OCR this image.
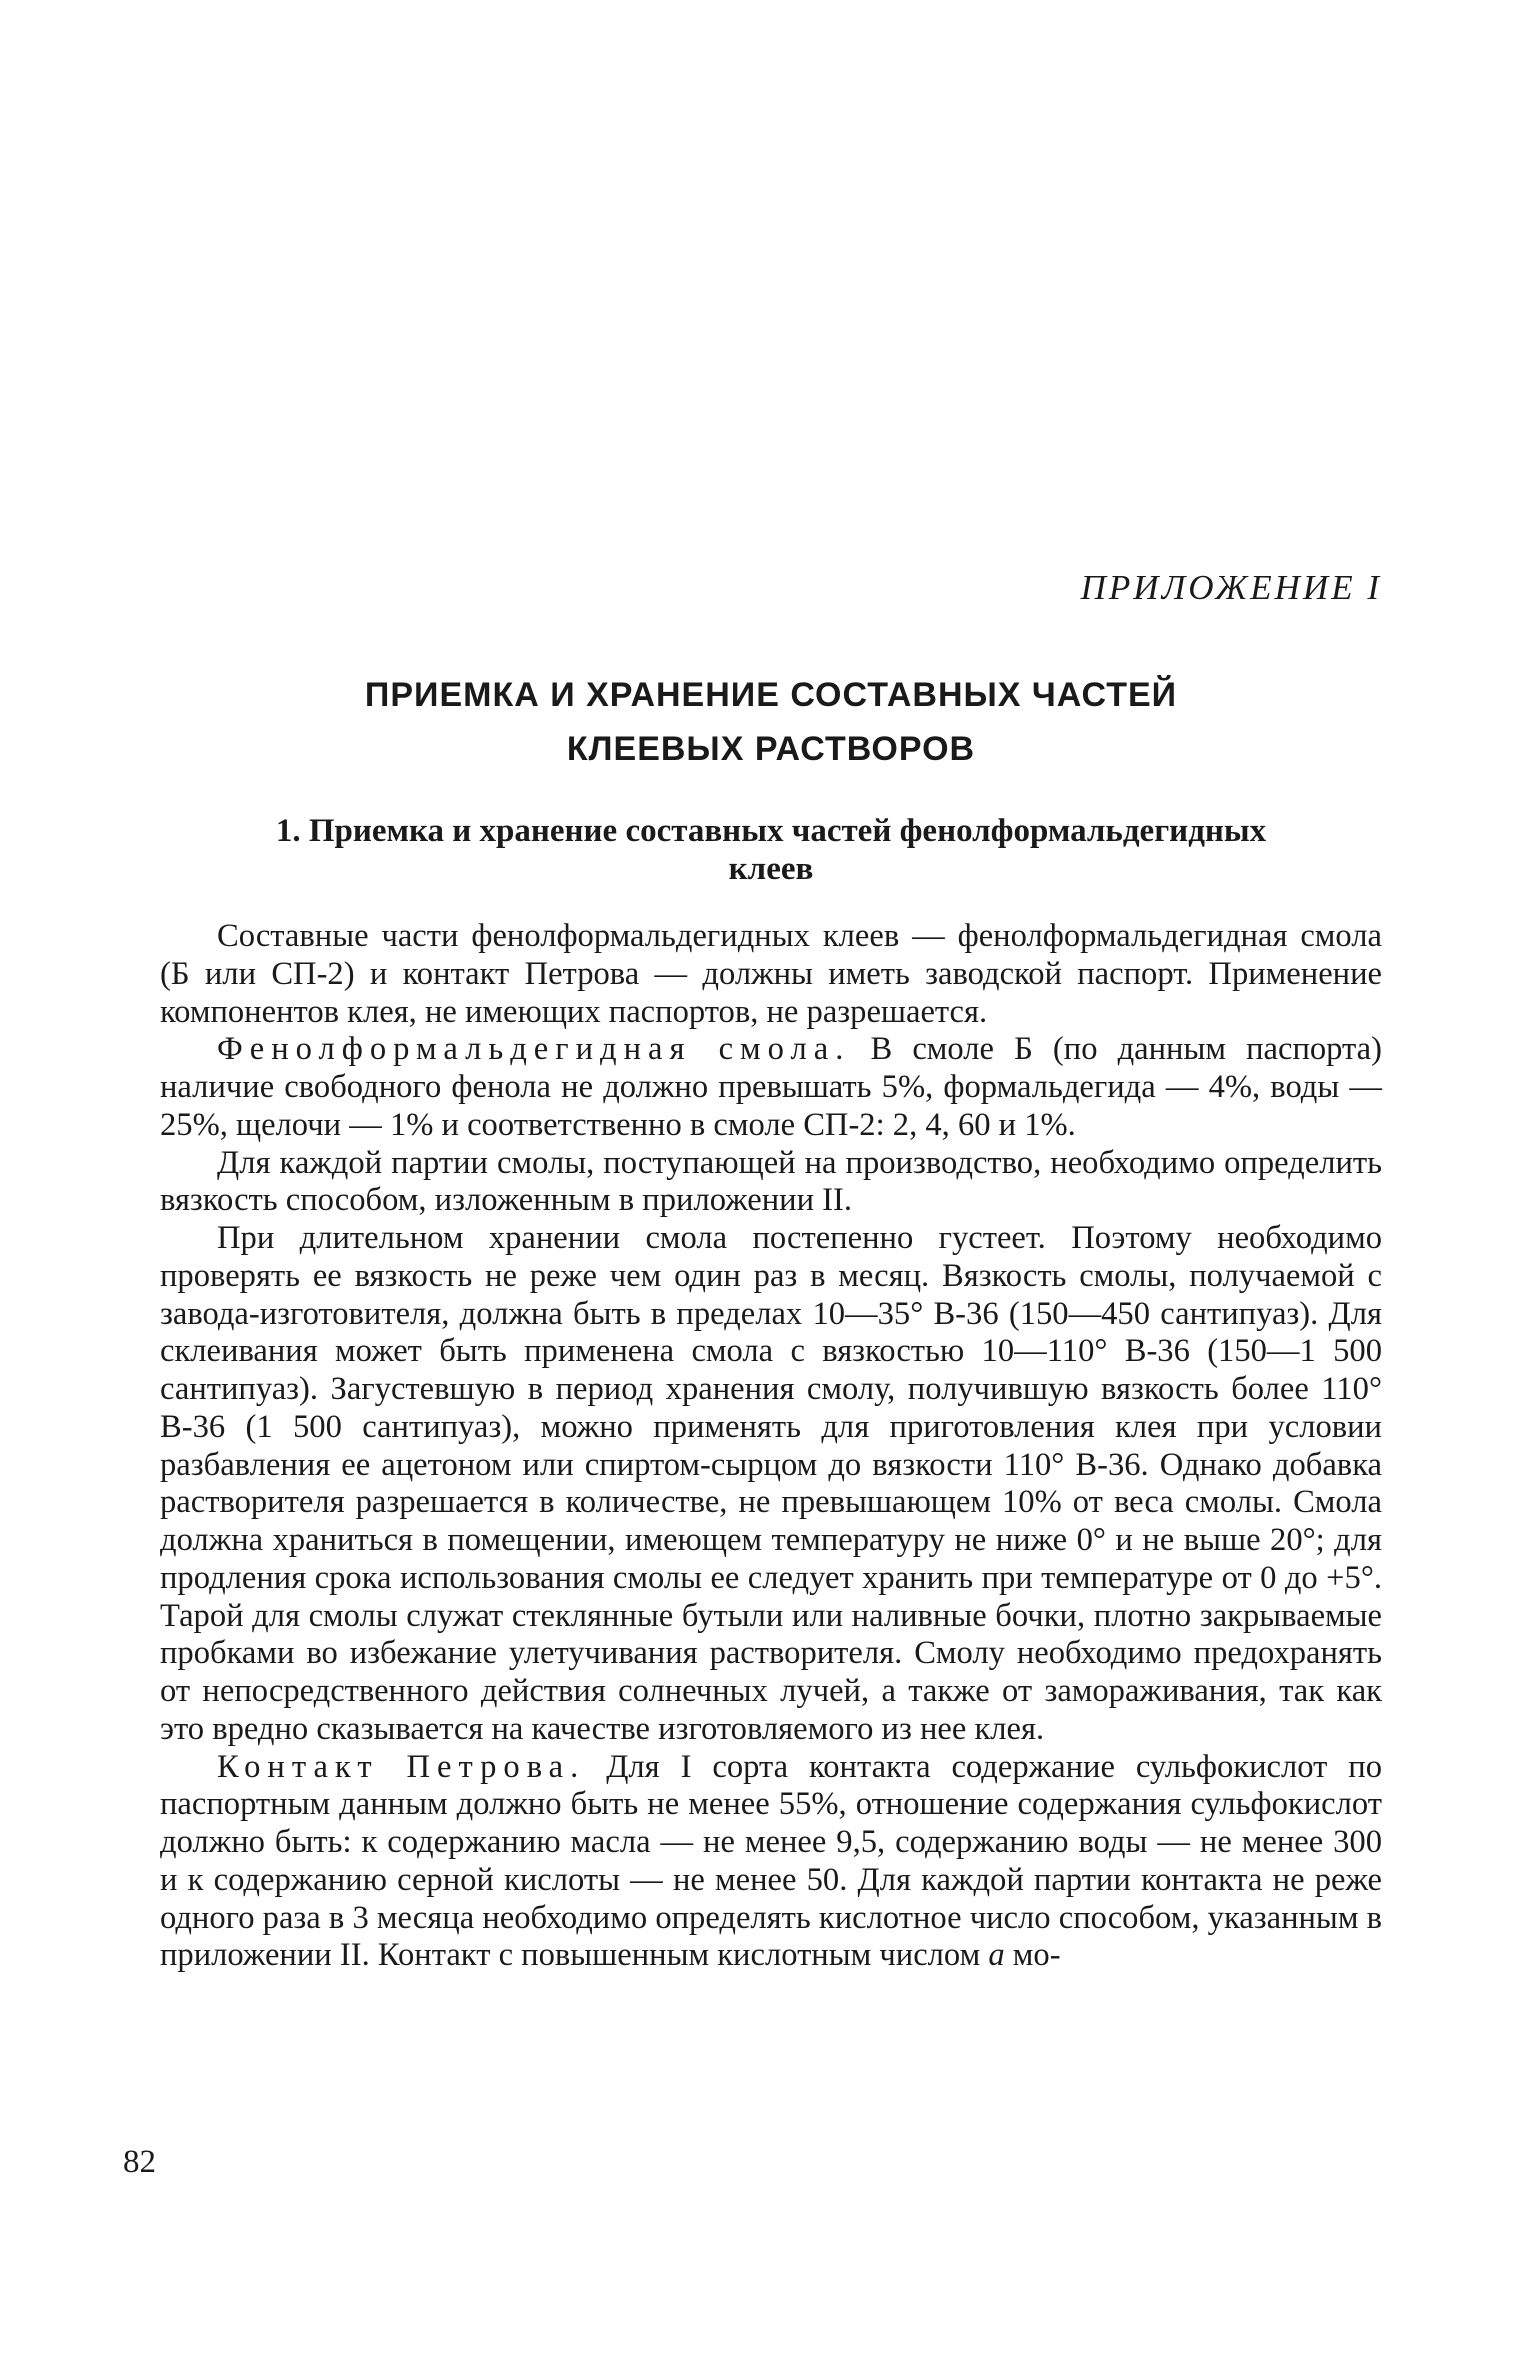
ПРИЛОЖЕНИЕ I

ПРИЕМКА И ХРАНЕНИЕ СОСТАВНЫХ ЧАСТЕЙ
КЛЕЕВЫХ РАСТВОРОВ
1. Приемка и хранение составных частей фенолформальдегидных
клеев

Составные части фенолформальдегидных клеев — фенолформальдегидная смола (Б или СП-2) и контакт Петрова — должны иметь заводской паспорт. Применение компонентов клея, не имеющих паспортов, не разрешается.

Фенолформальдегидная смола. В смоле Б (по данным паспорта) наличие свободного фенола не должно превышать 5%, формальдегида — 4%, воды — 25%, щелочи — 1% и соответственно в смоле СП-2: 2, 4, 60 и 1%.

Для каждой партии смолы, поступающей на производство, необходимо определить вязкость способом, изложенным в приложении II.

При длительном хранении смола постепенно густеет. Поэтому необходимо проверять ее вязкость не реже чем один раз в месяц. Вязкость смолы, получаемой с завода-изготовителя, должна быть в пределах 10—35° В-36 (150—450 сантипуаз). Для склеивания может быть применена смола с вязкостью 10—110° В-36 (150—1 500 сантипуаз). Загустевшую в период хранения смолу, получившую вязкость более 110° В-36 (1 500 сантипуаз), можно применять для приготовления клея при условии разбавления ее ацетоном или спиртом-сырцом до вязкости 110° В-36. Однако добавка растворителя разрешается в количестве, не превышающем 10% от веса смолы. Смола должна храниться в помещении, имеющем температуру не ниже 0° и не выше 20°; для продления срока использования смолы ее следует хранить при температуре от 0 до +5°. Тарой для смолы служат стеклянные бутыли или наливные бочки, плотно закрываемые пробками во избежание улетучивания растворителя. Смолу необходимо предохранять от непосредственного действия солнечных лучей, а также от замораживания, так как это вредно сказывается на качестве изготовляемого из нее клея.

Контакт Петрова. Для I сорта контакта содержание сульфокислот по паспортным данным должно быть не менее 55%, отношение содержания сульфокислот должно быть: к содержанию масла — не менее 9,5, содержанию воды — не менее 300 и к содержанию серной кислоты — не менее 50. Для каждой партии контакта не реже одного раза в 3 месяца необходимо определять кислотное число способом, указанным в приложении II. Контакт с повышенным кислотным числом a мо-

82
